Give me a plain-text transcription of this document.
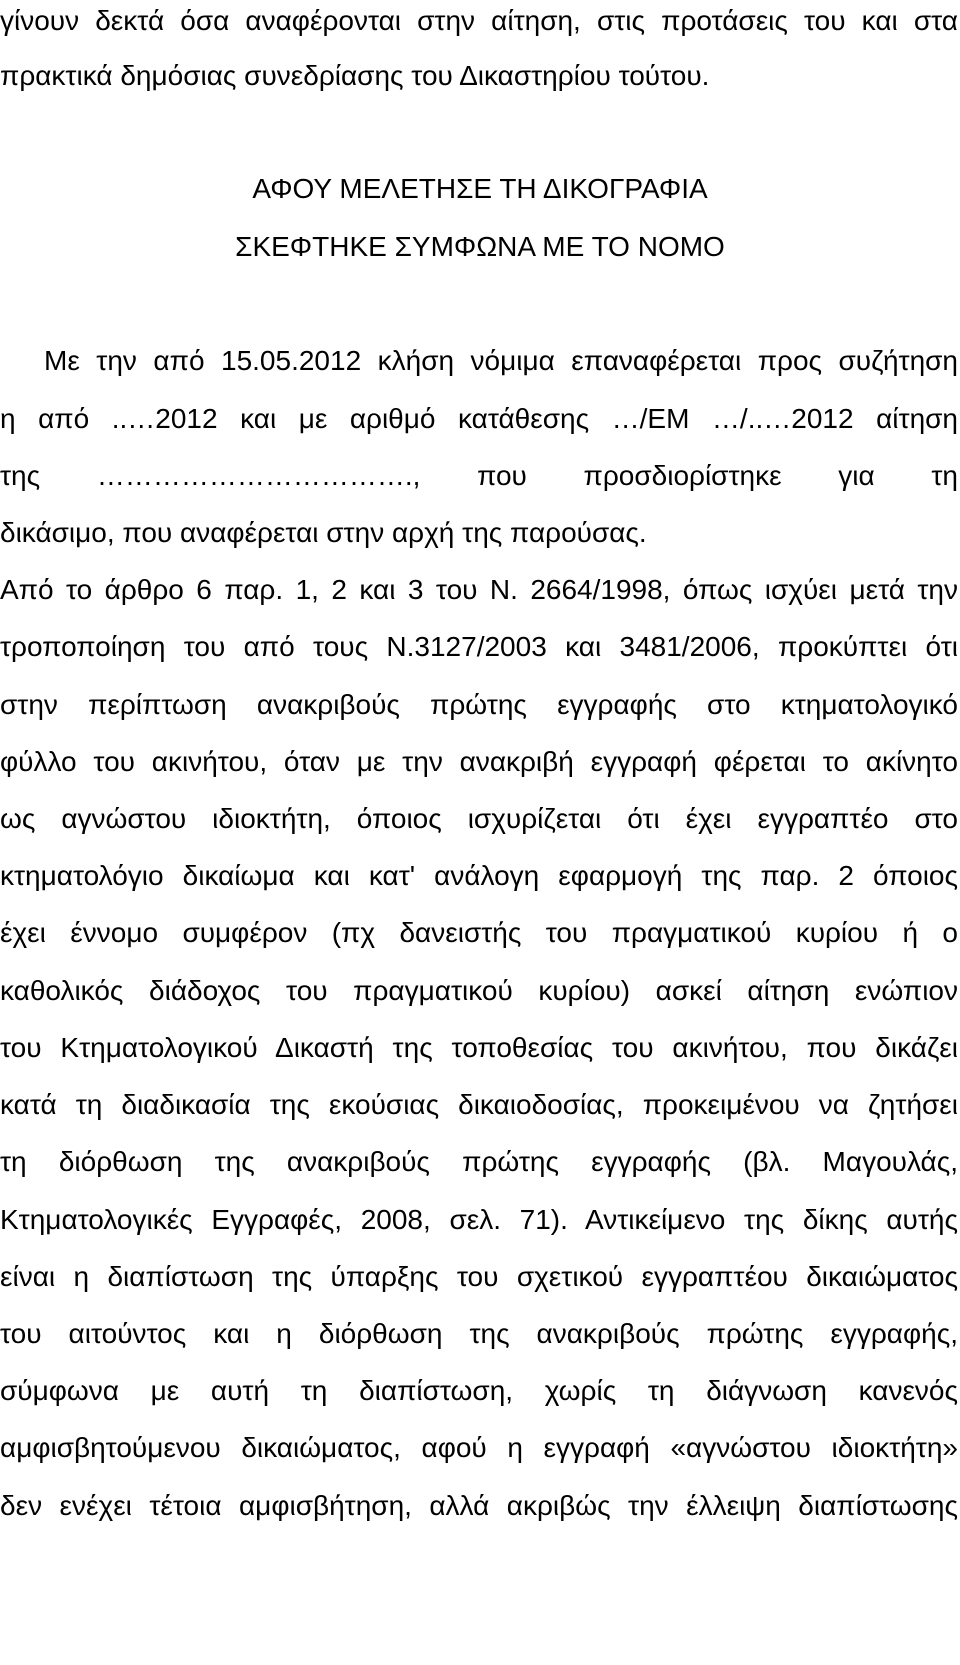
γίνουν δεκτά όσα αναφέρονται στην αίτηση, στις προτάσεις του και στα
πρακτικά δημόσιας συνεδρίασης του Δικαστηρίου τούτου.
ΑΦΟΥ ΜΕΛΕΤΗΣΕ ΤΗ ΔΙΚΟΓΡΑΦΙΑ
ΣΚΕΦΤΗΚΕ ΣΥΜΦΩΝΑ ΜΕ ΤΟ ΝΟΜΟ
Με την από 15.05.2012 κλήση νόμιμα επαναφέρεται προς συζήτηση
η από ..…2012 και με αριθμό κατάθεσης …/ΕΜ …/..…2012 αίτηση
της ……………………………., που προσδιορίστηκε για τη
δικάσιμο, που αναφέρεται στην αρχή της παρούσας.
Από το άρθρο 6 παρ. 1, 2 και 3 του Ν. 2664/1998, όπως ισχύει μετά την
τροποποίηση του από τους Ν.3127/2003 και 3481/2006, προκύπτει ότι
στην περίπτωση ανακριβούς πρώτης εγγραφής στο κτηματολογικό
φύλλο του ακινήτου, όταν με την ανακριβή εγγραφή φέρεται το ακίνητο
ως αγνώστου ιδιοκτήτη, όποιος ισχυρίζεται ότι έχει εγγραπτέο στο
κτηματολόγιο δικαίωμα και κατ' ανάλογη εφαρμογή της παρ. 2 όποιος
έχει έννομο συμφέρον (πχ δανειστής του πραγματικού κυρίου ή ο
καθολικός διάδοχος του πραγματικού κυρίου) ασκεί αίτηση ενώπιον
του Κτηματολογικού Δικαστή της τοποθεσίας του ακινήτου, που δικάζει
κατά τη διαδικασία της εκούσιας δικαιοδοσίας, προκειμένου να ζητήσει
τη διόρθωση της ανακριβούς πρώτης εγγραφής (βλ. Μαγουλάς,
Κτηματολογικές Εγγραφές, 2008, σελ. 71). Αντικείμενο της δίκης αυτής
είναι η διαπίστωση της ύπαρξης του σχετικού εγγραπτέου δικαιώματος
του αιτούντος και η διόρθωση της ανακριβούς πρώτης εγγραφής,
σύμφωνα με αυτή τη διαπίστωση, χωρίς τη διάγνωση κανενός
αμφισβητούμενου δικαιώματος, αφού η εγγραφή «αγνώστου ιδιοκτήτη»
δεν ενέχει τέτοια αμφισβήτηση, αλλά ακριβώς την έλλειψη διαπίστωσης
